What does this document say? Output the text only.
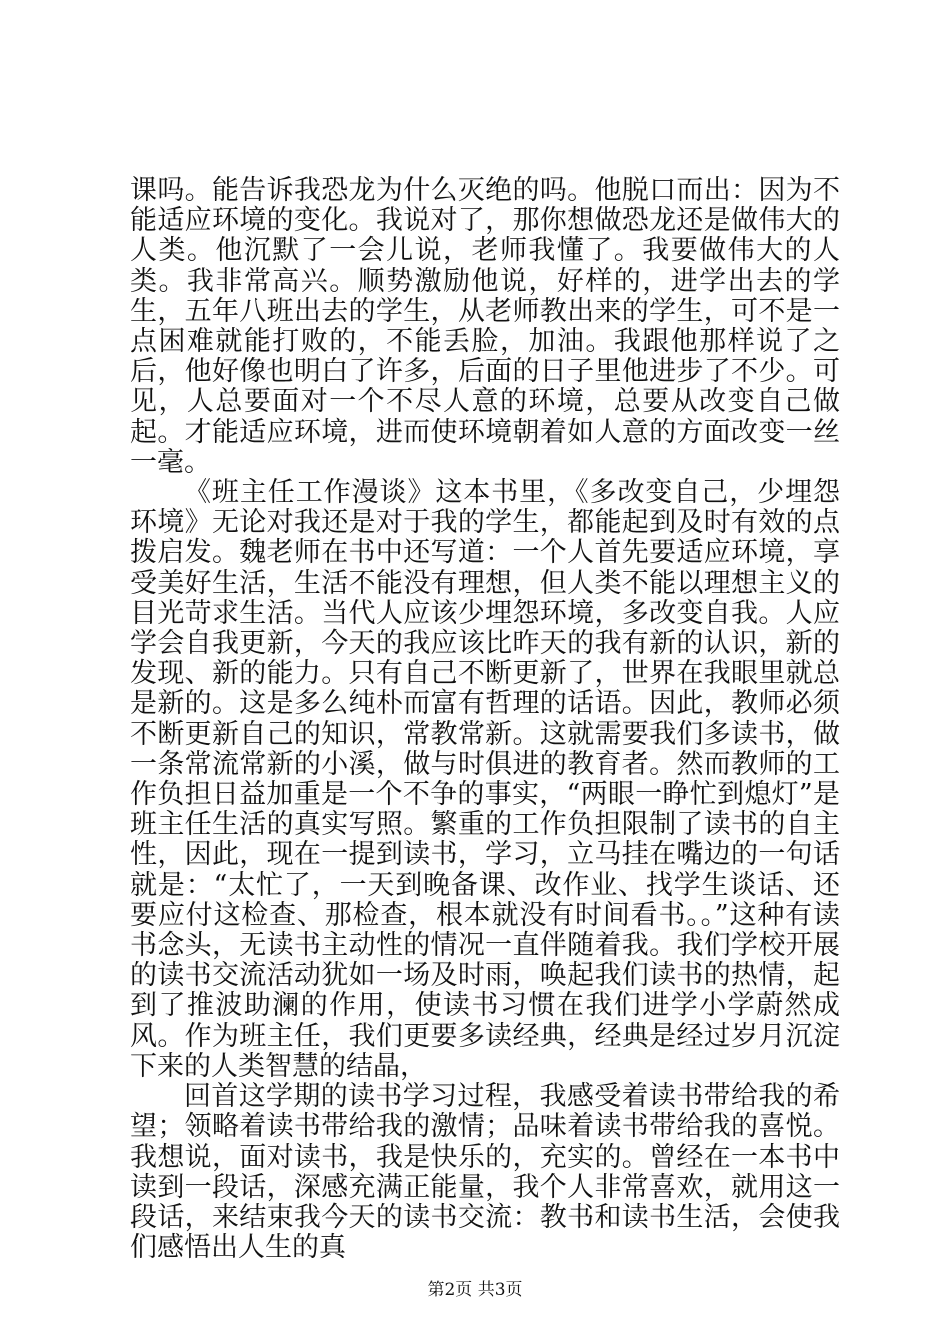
课吗。能告诉我恐龙为什么灭绝的吗。他脱口而出：因为不能适应环境的变化。我说对了，那你想做恐龙还是做伟大的人类。他沉默了一会儿说，老师我懂了。我要做伟大的人类。我非常高兴。顺势激励他说，好样的，进学出去的学生，五年八班出去的学生，从老师教出来的学生，可不是一点困难就能打败的，不能丢脸，加油。我跟他那样说了之后，他好像也明白了许多，后面的日子里他进步了不少。可见，人总要面对一个不尽人意的环境，总要从改变自己做起。才能适应环境，进而使环境朝着如人意的方面改变一丝一毫。

《班主任工作漫谈》这本书里，《多改变自己，少埋怨环境》无论对我还是对于我的学生，都能起到及时有效的点拨启发。魏老师在书中还写道：一个人首先要适应环境，享受美好生活，生活不能没有理想，但人类不能以理想主义的目光苛求生活。当代人应该少埋怨环境，多改变自我。人应学会自我更新，今天的我应该比昨天的我有新的认识，新的发现、新的能力。只有自己不断更新了，世界在我眼里就总是新的。这是多么纯朴而富有哲理的话语。因此，教师必须不断更新自己的知识，常教常新。这就需要我们多读书，做一条常流常新的小溪，做与时俱进的教育者。然而教师的工作负担日益加重是一个不争的事实，“两眼一睁忙到熄灯”是班主任生活的真实写照。繁重的工作负担限制了读书的自主性，因此，现在一提到读书，学习，立马挂在嘴边的一句话就是：“太忙了，一天到晚备课、改作业、找学生谈话、还要应付这检查、那检查，根本就没有时间看书。。”这种有读书念头，无读书主动性的情况一直伴随着我。我们学校开展的读书交流活动犹如一场及时雨，唤起我们读书的热情，起到了推波助澜的作用，使读书习惯在我们进学小学蔚然成风。作为班主任，我们更要多读经典，经典是经过岁月沉淀下来的人类智慧的结晶，

回首这学期的读书学习过程，我感受着读书带给我的希望；领略着读书带给我的激情；品味着读书带给我的喜悦。我想说，面对读书，我是快乐的，充实的。曾经在一本书中读到一段话，深感充满正能量，我个人非常喜欢，就用这一段话，来结束我今天的读书交流：教书和读书生活，会使我们感悟出人生的真

第2页 共3页
